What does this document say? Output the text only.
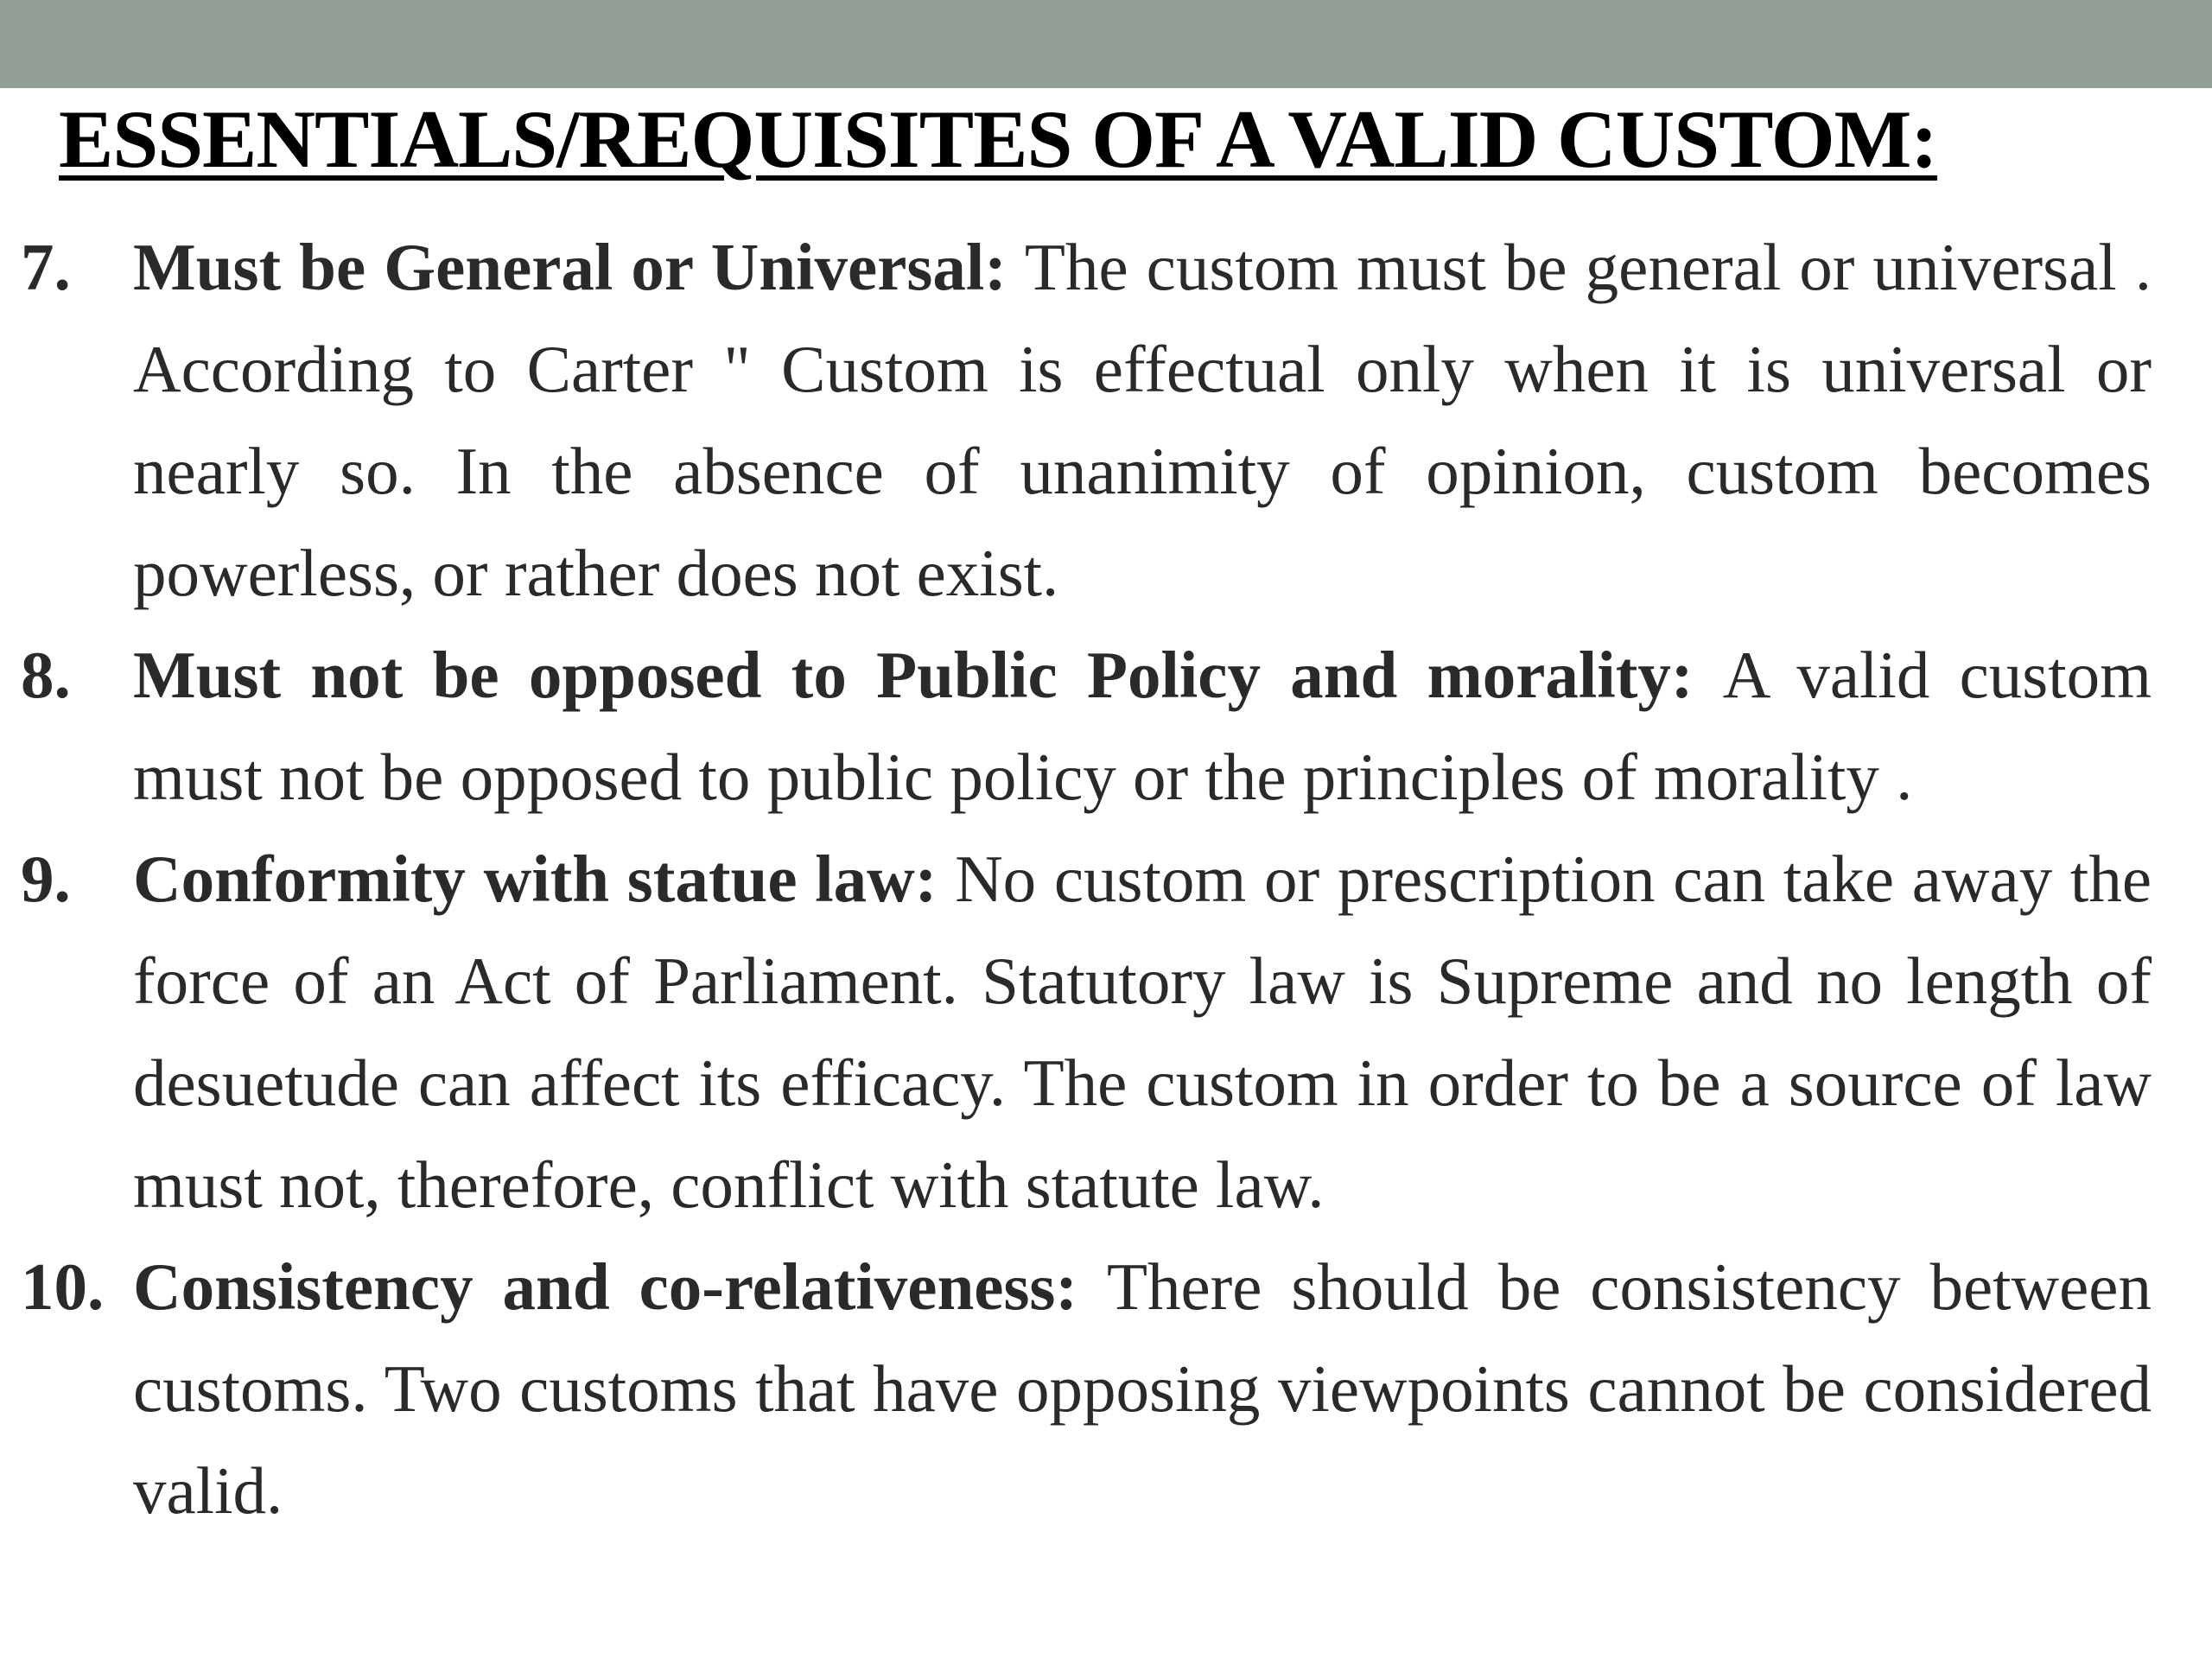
ESSENTIALS/REQUISITES OF A VALID CUSTOM:
7. Must be General or Universal: The custom must be general or universal . According to Carter " Custom is effectual only when it is universal or nearly so. In the absence of unanimity of opinion, custom becomes powerless, or rather does not exist.
8. Must not be opposed to Public Policy and morality: A valid custom must not be opposed to public policy or the principles of morality .
9. Conformity with statue law: No custom or prescription can take away the force of an Act of Parliament. Statutory law is Supreme and no length of desuetude can affect its efficacy. The custom in order to be a source of law must not, therefore, conflict with statute law.
10. Consistency and co-relativeness: There should be consistency between customs. Two customs that have opposing viewpoints cannot be considered valid.
